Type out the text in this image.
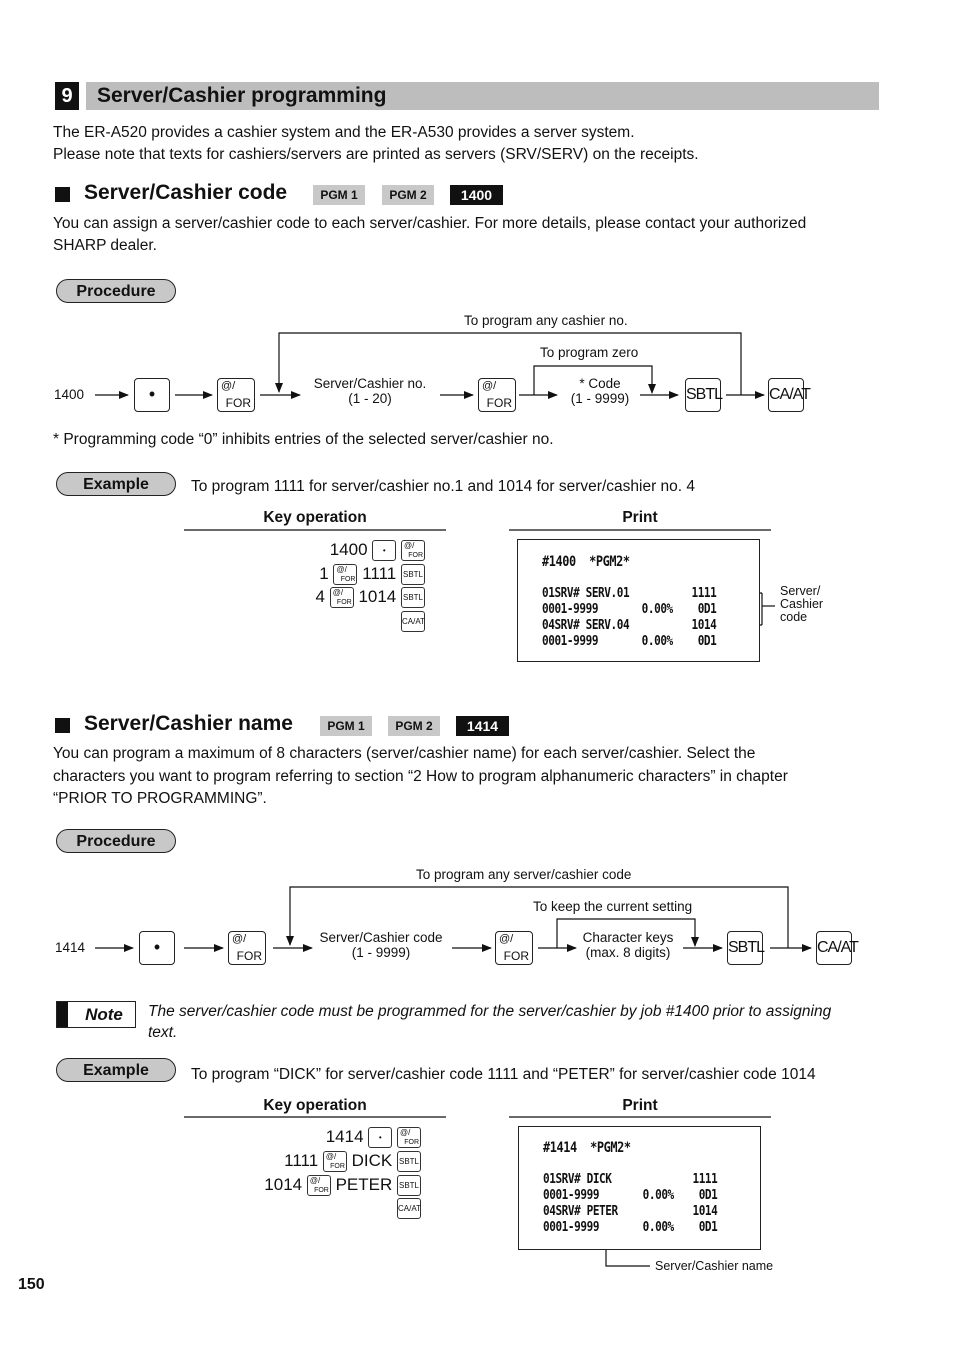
9	Server/Cashier programming
The ER-A520 provides a cashier system and the ER-A530 provides a server system.
Please note that texts for cashiers/servers are printed as servers (SRV/SERV) on the receipts.
Server/Cashier code	PGM 1	PGM 2	1400
You can assign a server/cashier code to each server/cashier. For more details, please contact your authorized
SHARP dealer.
Procedure
1400	•	@/
FOR
Server/Cashier no.
(1 - 20)
@/
FOR
* Code
(1 - 9999)
To program any cashier no.
To program zero
SBTL	CA/AT
* Programming code “0” inhibits entries of the selected server/cashier no.
Example	To program 1111 for server/cashier no.1 and 1014 for server/cashier no. 4
Key operation	Print
1400 •
@/
FOR
1 @/
FOR 1111 SBTL
4 @/
FOR 1014 SBTL
CA/AT
#1400  *PGM2*
01SRV# SERV.01          1111
0001-9999       0.00%    0D1
04SRV# SERV.04          1014
0001-9999       0.00%    0D1
Server/
Cashier
code
Server/Cashier name	PGM 1	PGM 2	1414
You can program a maximum of 8 characters (server/cashier name) for each server/cashier. Select the
characters you want to program referring to section “2 How to program alphanumeric characters” in chapter
“PRIOR TO PROGRAMMING”.
Procedure
1414	•	@/
FOR
Server/Cashier code
(1 - 9999)
@/
FOR
Character keys
(max. 8 digits)
To program any server/cashier code
To keep the current setting
SBTL	CA/AT
Note	The server/cashier code must be programmed for the server/cashier by job #1400 prior to assigning
text.
Example	To program “DICK” for server/cashier code 1111 and “PETER” for server/cashier code 1014
Key operation	Print
1414 •
@/
FOR
1111 @/
FOR DICK SBTL
1014 @/
FOR PETER SBTL
CA/AT
#1414  *PGM2*
01SRV# DICK             1111
0001-9999       0.00%    0D1
04SRV# PETER            1014
0001-9999       0.00%    0D1
Server/Cashier name
150
